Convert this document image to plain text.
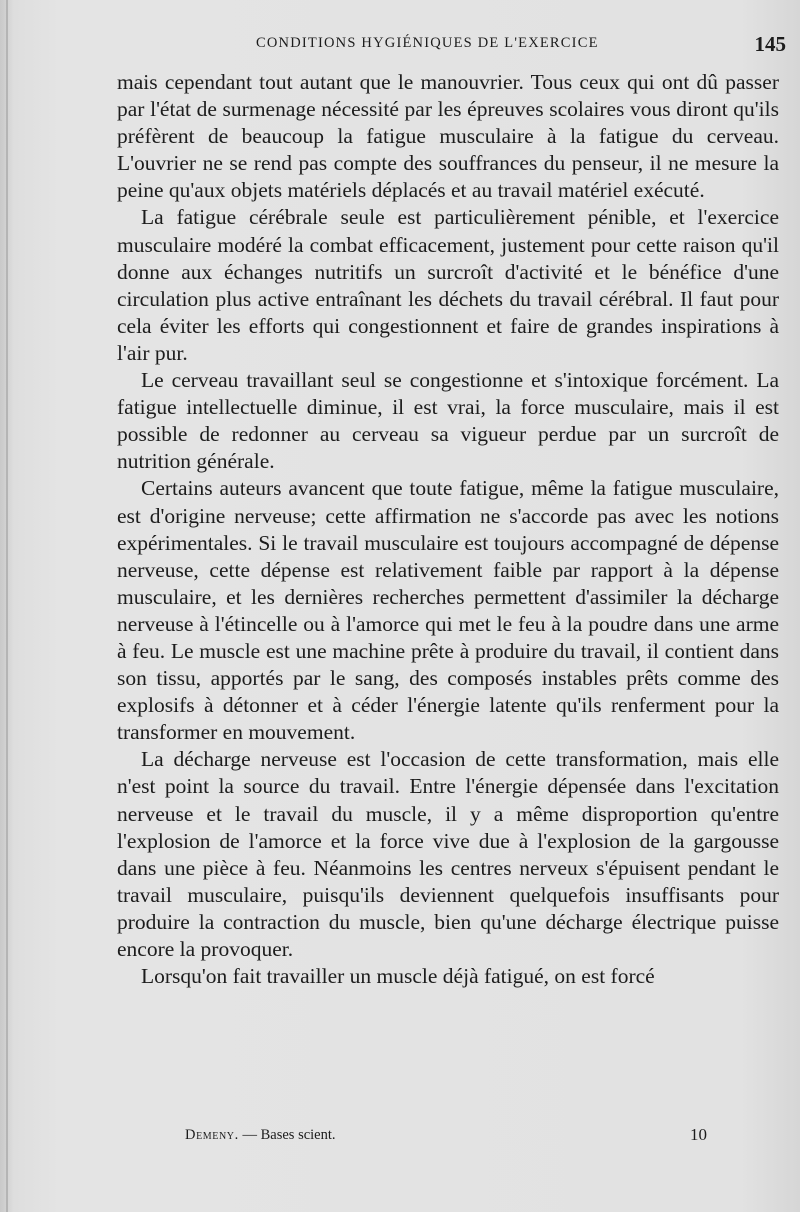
CONDITIONS HYGIÉNIQUES DE L'EXERCICE	145

mais cependant tout autant que le manouvrier. Tous ceux qui ont dû passer par l'état de surmenage nécessité par les épreuves scolaires vous diront qu'ils préfèrent de beaucoup la fatigue musculaire à la fatigue du cerveau. L'ouvrier ne se rend pas compte des souffrances du penseur, il ne mesure la peine qu'aux objets matériels déplacés et au travail matériel exécuté.

La fatigue cérébrale seule est particulièrement pénible, et l'exercice musculaire modéré la combat efficacement, justement pour cette raison qu'il donne aux échanges nutritifs un surcroît d'activité et le bénéfice d'une circulation plus active entraînant les déchets du travail cérébral. Il faut pour cela éviter les efforts qui congestionnent et faire de grandes inspirations à l'air pur.

Le cerveau travaillant seul se congestionne et s'intoxique forcément. La fatigue intellectuelle diminue, il est vrai, la force musculaire, mais il est possible de redonner au cerveau sa vigueur perdue par un surcroît de nutrition générale.

Certains auteurs avancent que toute fatigue, même la fatigue musculaire, est d'origine nerveuse; cette affirmation ne s'accorde pas avec les notions expérimentales. Si le travail musculaire est toujours accompagné de dépense nerveuse, cette dépense est relativement faible par rapport à la dépense musculaire, et les dernières recherches permettent d'assimiler la décharge nerveuse à l'étincelle ou à l'amorce qui met le feu à la poudre dans une arme à feu. Le muscle est une machine prête à produire du travail, il contient dans son tissu, apportés par le sang, des composés instables prêts comme des explosifs à détonner et à céder l'énergie latente qu'ils renferment pour la transformer en mouvement.

La décharge nerveuse est l'occasion de cette transformation, mais elle n'est point la source du travail. Entre l'énergie dépensée dans l'excitation nerveuse et le travail du muscle, il y a même disproportion qu'entre l'explosion de l'amorce et la force vive due à l'explosion de la gargousse dans une pièce à feu. Néanmoins les centres nerveux s'épuisent pendant le travail musculaire, puisqu'ils deviennent quelquefois insuffisants pour produire la contraction du muscle, bien qu'une décharge électrique puisse encore la provoquer.

Lorsqu'on fait travailler un muscle déjà fatigué, on est forcé

Demeny. — Bases scient.	10
